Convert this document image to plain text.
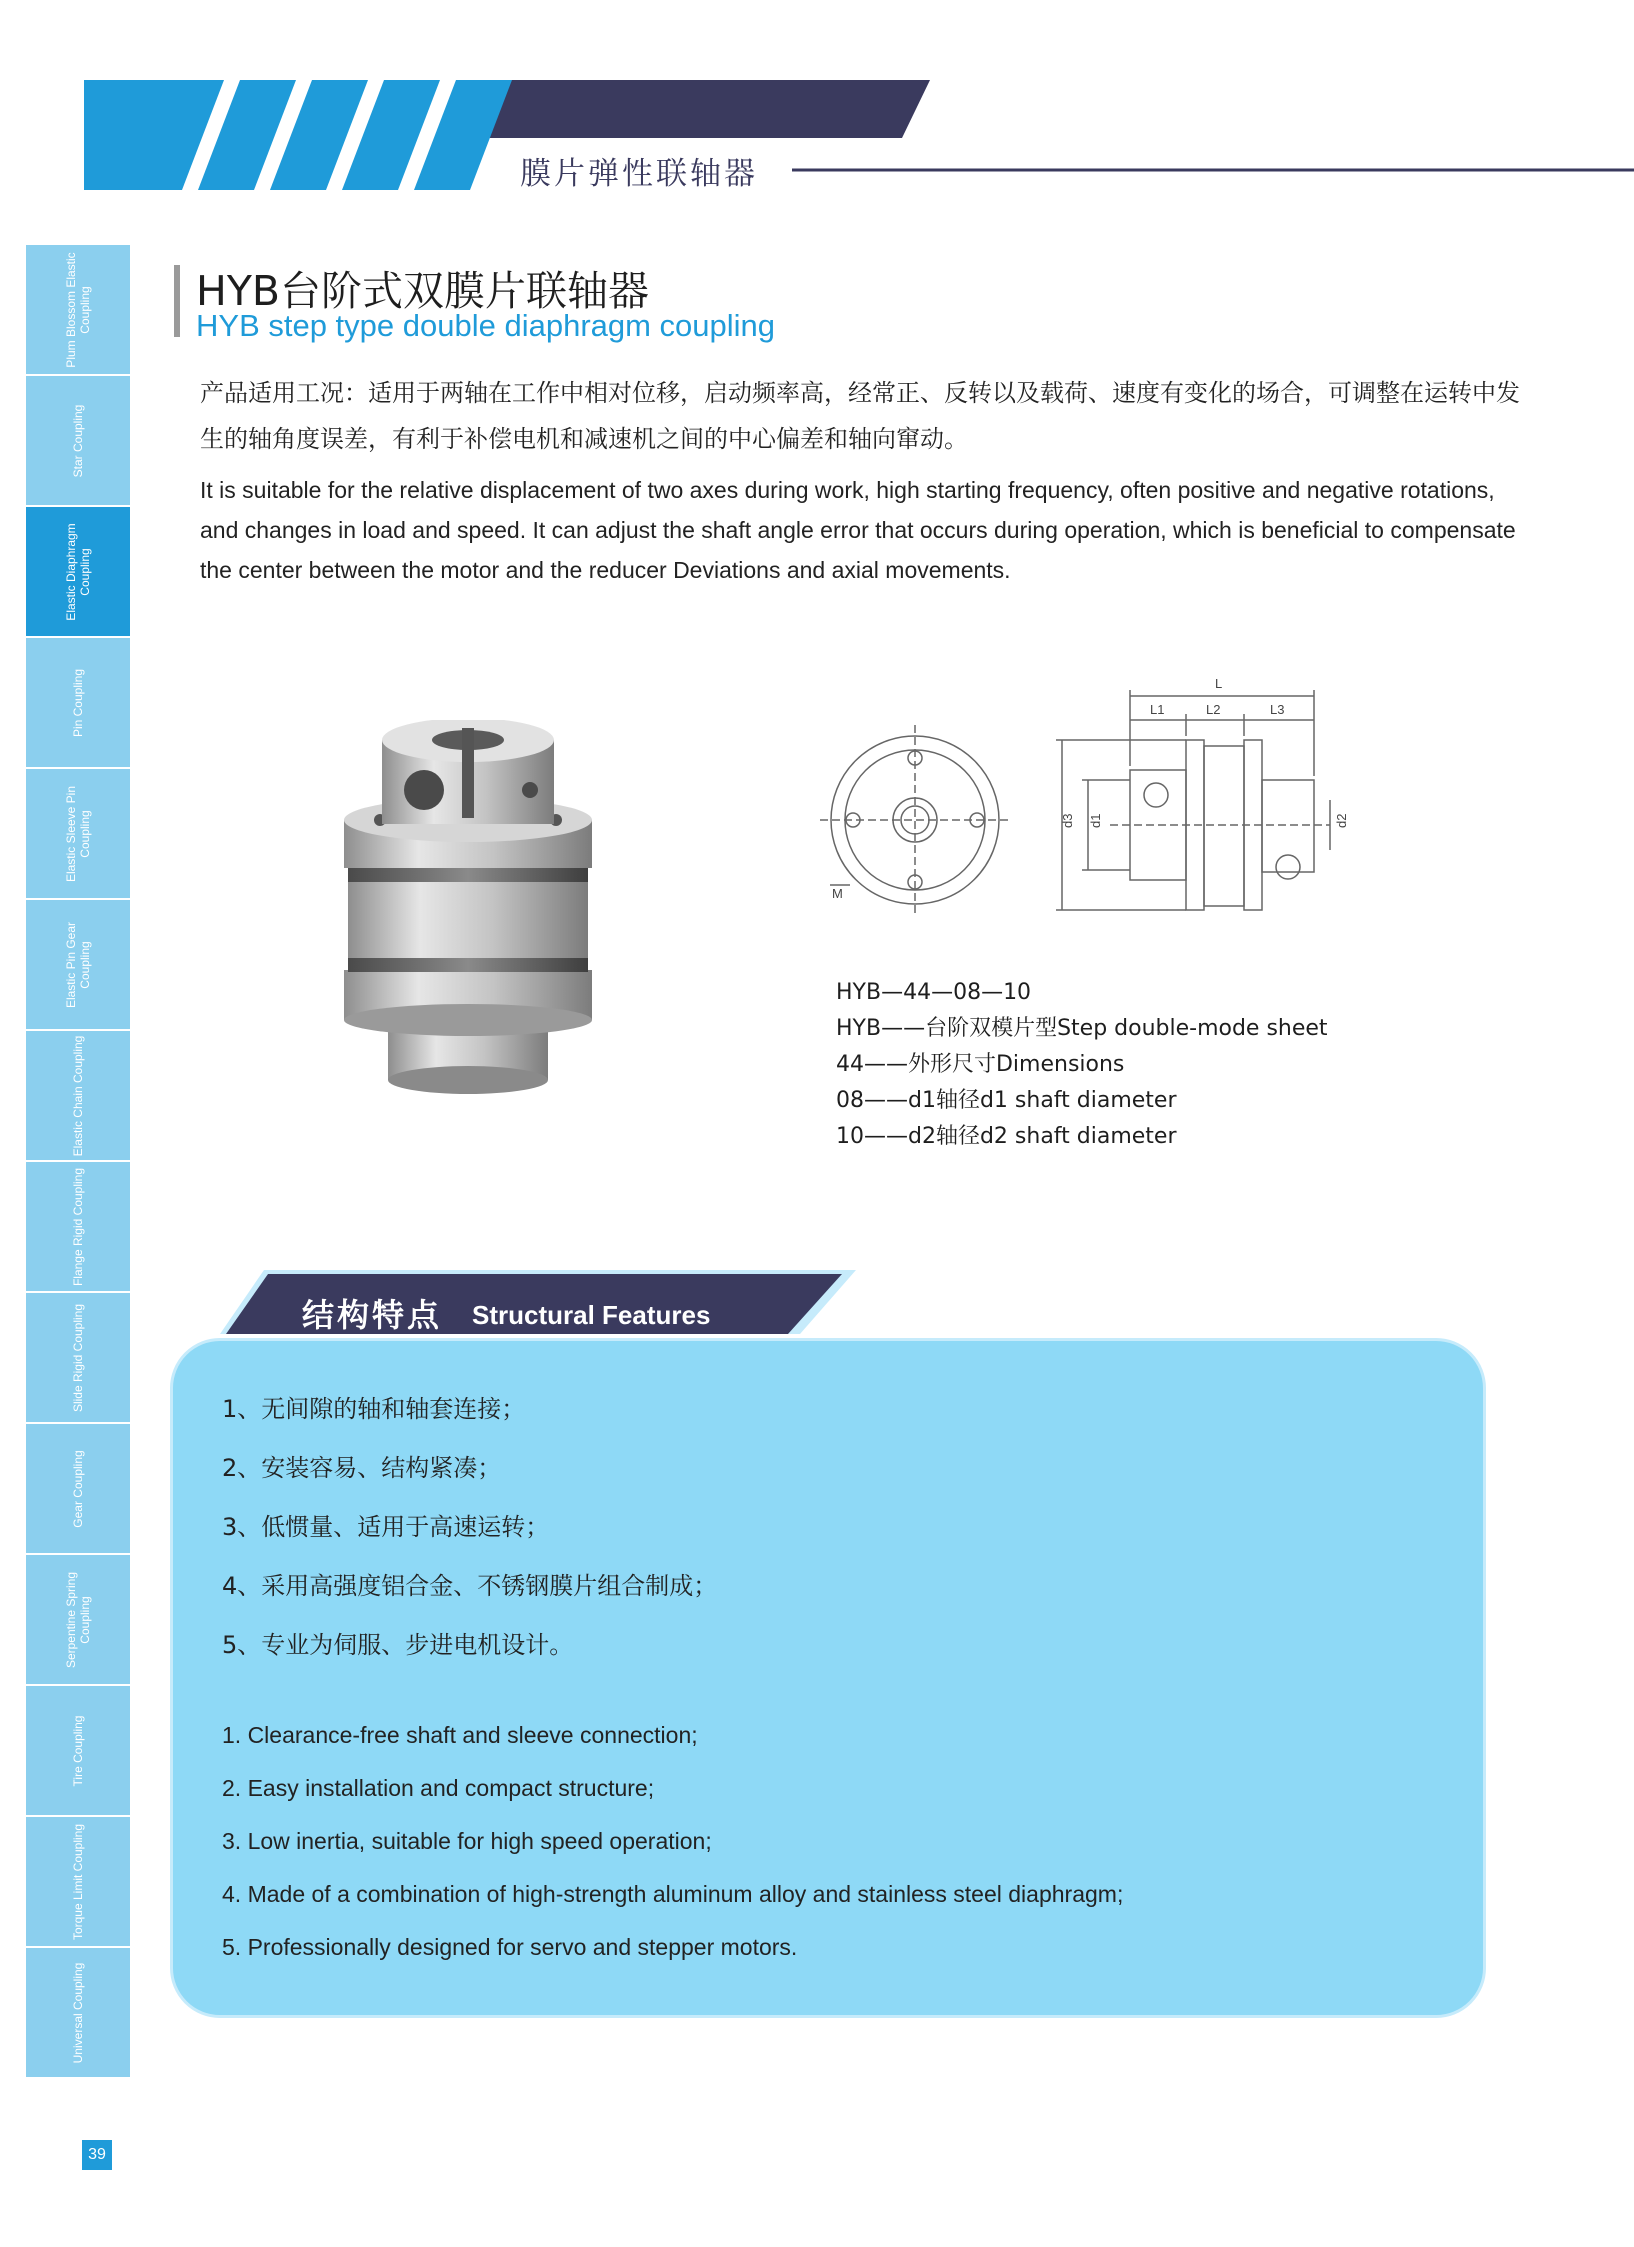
膜片弹性联轴器
Plum Blossom Elastic Coupling
Star Coupling
Elastic Diaphragm Coupling
Pin Coupling
Elastic Sleeve Pin Coupling
Elastic Pin Gear Coupling
Elastic Chain Coupling
Flange Rigid Coupling
Slide Rigid Coupling
Gear Coupling
Serpentine Spring Coupling
Tire Coupling
Torque Limit Coupling
Universal Coupling
39
HYB台阶式双膜片联轴器
HYB step type double diaphragm coupling
产品适用工况：适用于两轴在工作中相对位移，启动频率高，经常正、反转以及载荷、速度有变化的场合，可调整在运转中发生的轴角度误差，有利于补偿电机和减速机之间的中心偏差和轴向窜动。
It is suitable for the relative displacement of two axes during work, high starting frequency, often positive and negative rotations, and changes in load and speed. It can adjust the shaft angle error that occurs during operation, which is beneficial to compensate the center between the motor and the reducer Deviations and axial movements.
L
L1	L2	L3
d3 d1	d2
M
HYB—44—08—10
HYB——台阶双模片型Step double-mode sheet
44——外形尺寸Dimensions
08——d1轴径d1 shaft diameter
10——d2轴径d2 shaft diameter
结构特点 Structural Features
1、无间隙的轴和轴套连接；
2、安装容易、结构紧凑；
3、低惯量、适用于高速运转；
4、采用高强度铝合金、不锈钢膜片组合制成；
5、专业为伺服、步进电机设计。
1. Clearance-free shaft and sleeve connection;
2. Easy installation and compact structure;
3. Low inertia, suitable for high speed operation;
4. Made of a combination of high-strength aluminum alloy and stainless steel diaphragm;
5. Professionally designed for servo and stepper motors.
